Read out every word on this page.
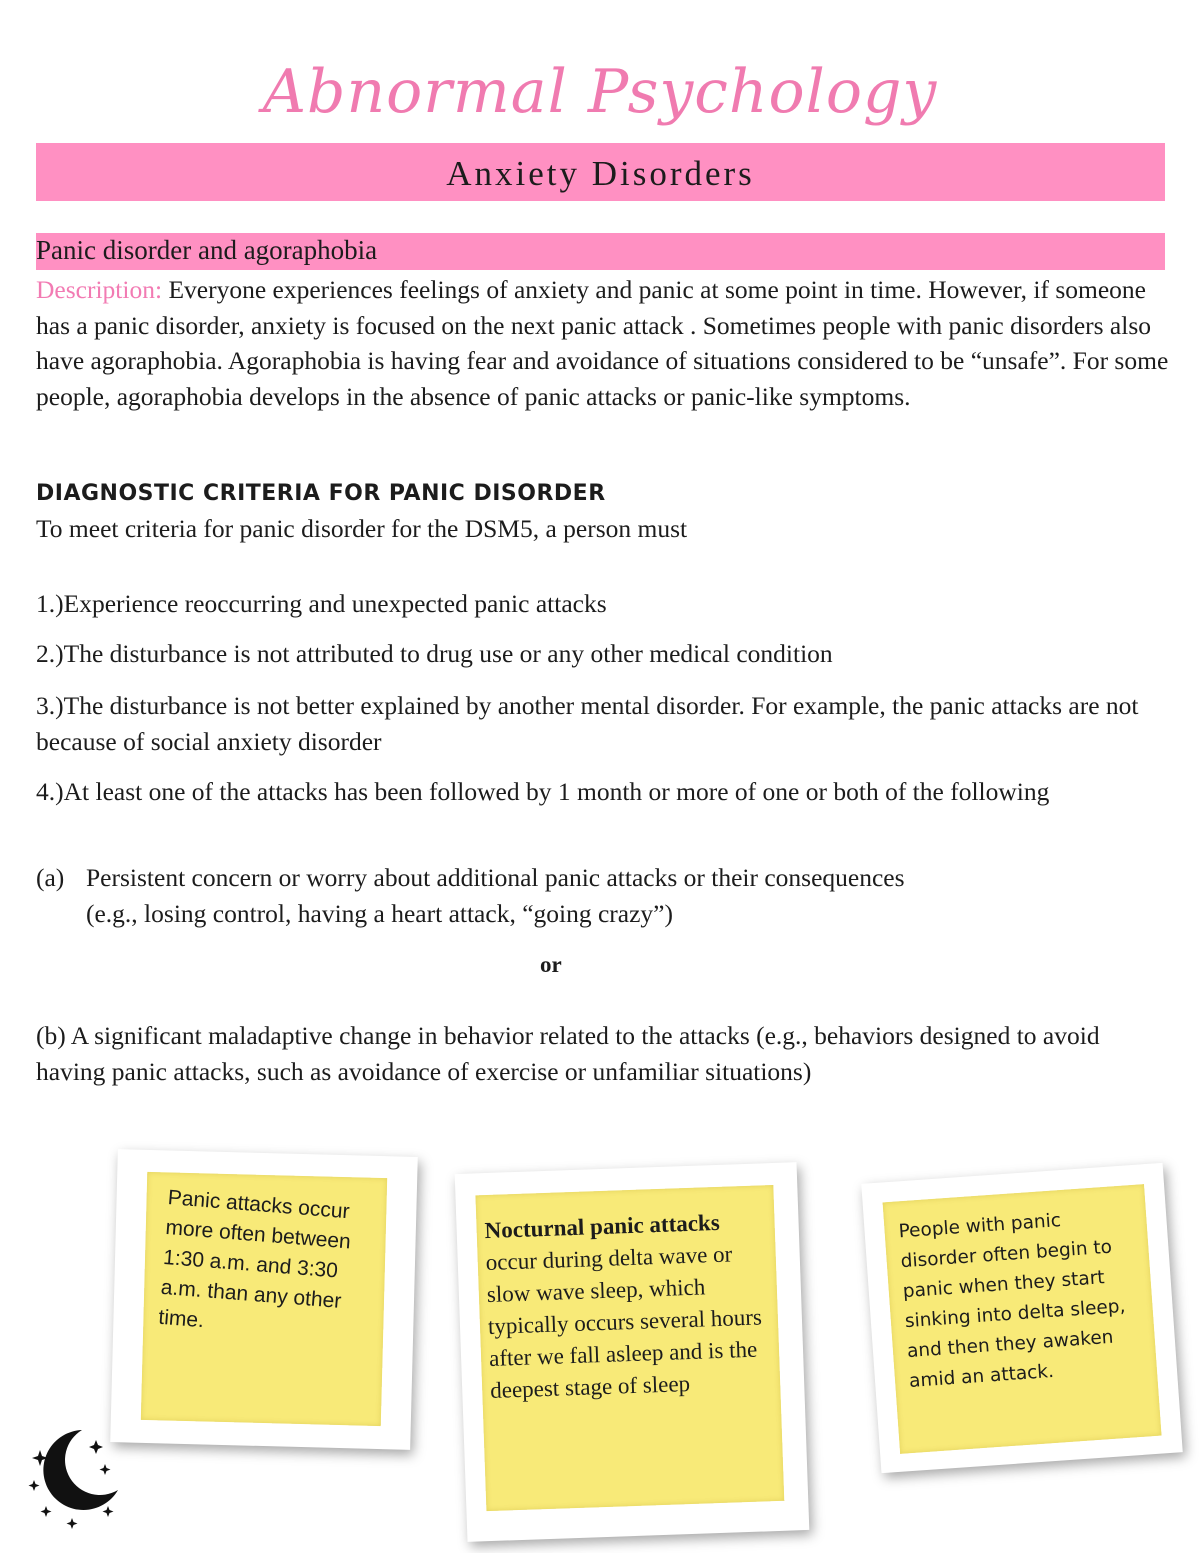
Abnormal Psychology
Anxiety Disorders
Panic disorder and agoraphobia
Description: Everyone experiences feelings of anxiety and panic at some point in time. However, if someone has a panic disorder, anxiety is focused on the next panic attack . Sometimes people with panic disorders also have agoraphobia. Agoraphobia is having fear and avoidance of situations considered to be “unsafe”. For some people, agoraphobia develops in the absence of panic attacks or panic-like symptoms.
DIAGNOSTIC CRITERIA FOR PANIC DISORDER
To meet criteria for panic disorder for the DSM5, a person must
1.)Experience reoccurring and unexpected panic attacks
2.)The disturbance is not attributed to drug use or any other medical condition
3.)The disturbance is not better explained by another mental disorder. For example, the panic attacks are not because of social anxiety disorder
4.)At least one of the attacks has been followed by 1 month or more of one or both of the following
(a) Persistent concern or worry about additional panic attacks or their consequences
(e.g., losing control, having a heart attack, “going crazy”)
or
(b) A significant maladaptive change in behavior related to the attacks (e.g., behaviors designed to avoid having panic attacks, such as avoidance of exercise or unfamiliar situations)
Panic attacks occur more often between 1:30 a.m. and 3:30 a.m. than any other time.
Nocturnal panic attacks occur during delta wave or slow wave sleep, which typically occurs several hours after we fall asleep and is the deepest stage of sleep
People with panic disorder often begin to panic when they start sinking into delta sleep, and then they awaken amid an attack.
